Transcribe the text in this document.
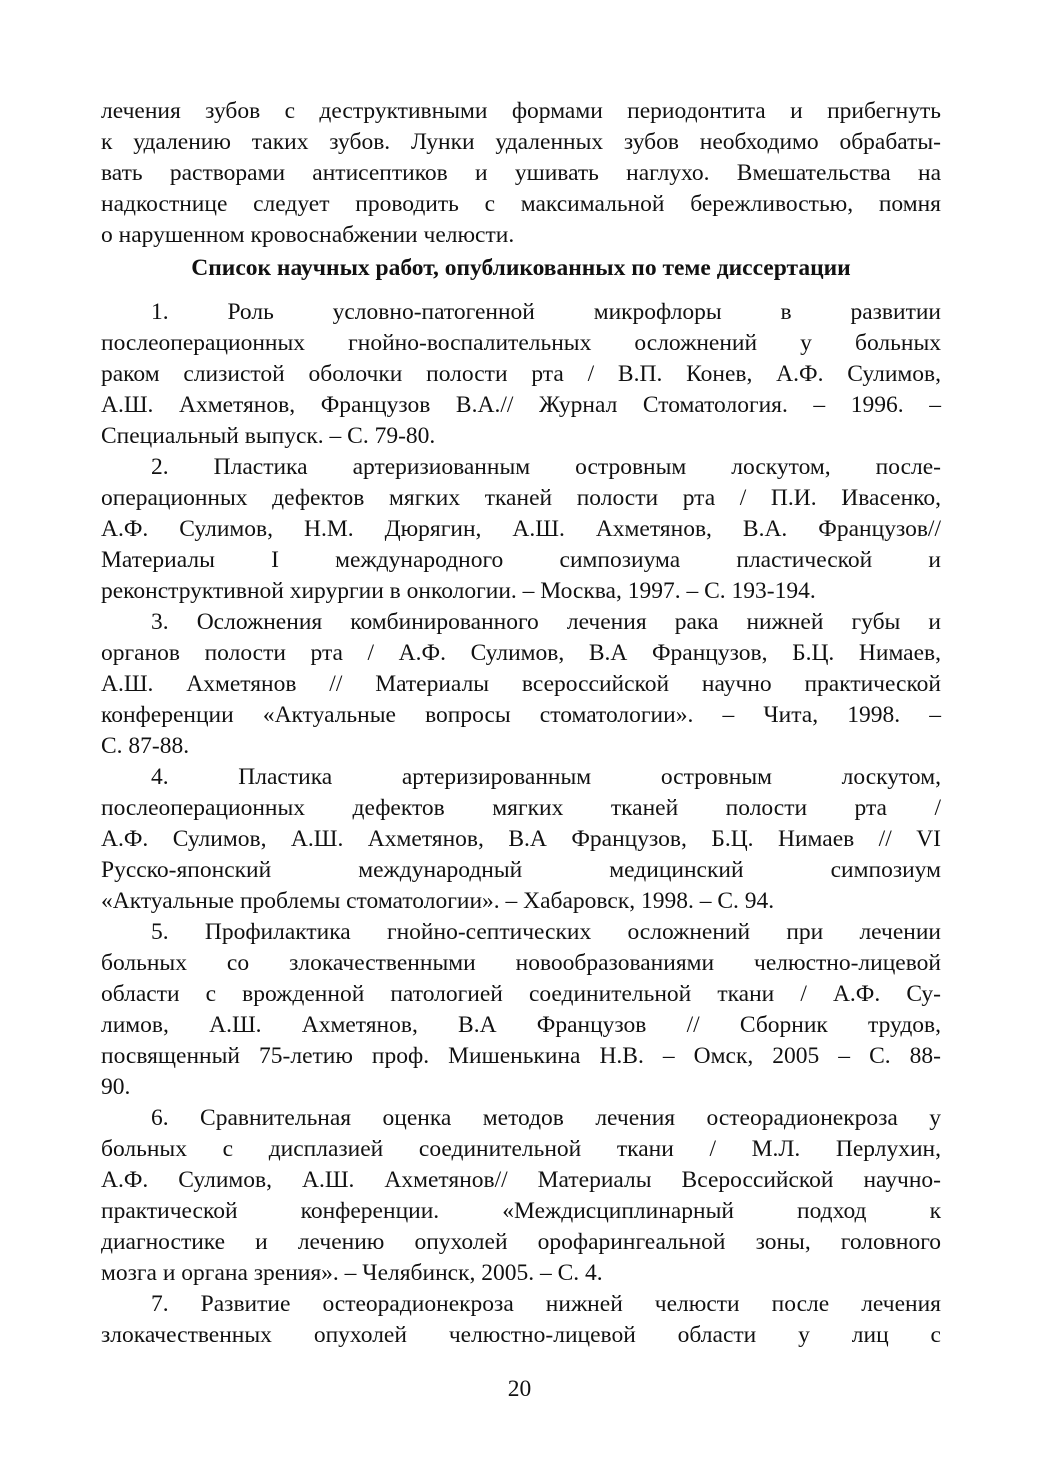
лечения зубов с деструктивными формами периодонтита и прибегнуть
к удалению таких зубов. Лунки удаленных зубов необходимо обрабаты-
вать растворами антисептиков и ушивать наглухо. Вмешательства на
надкостнице следует проводить с максимальной бережливостью, помня
о нарушенном кровоснабжении челюсти.
Список научных работ, опубликованных по теме диссертации
1. Роль условно-патогенной микрофлоры в развитии
послеоперационных гнойно-воспалительных осложнений у больных
раком слизистой оболочки полости рта / В.П. Конев, А.Ф. Сулимов,
А.Ш. Ахметянов, Французов В.А.// Журнал Стоматология. – 1996. –
Специальный выпуск. – С. 79-80.
2. Пластика артеризиованным островным лоскутом, после-
операционных дефектов мягких тканей полости рта / П.И. Ивасенко,
А.Ф. Сулимов, Н.М. Дюрягин, А.Ш. Ахметянов, В.А. Французов//
Материалы I международного симпозиума пластической и
реконструктивной хирургии в онкологии. – Москва, 1997. – С. 193-194.
3. Осложнения комбинированного лечения рака нижней губы и
органов полости рта / А.Ф. Сулимов, В.А Французов, Б.Ц. Нимаев,
А.Ш. Ахметянов // Материалы всероссийской научно практической
конференции «Актуальные вопросы стоматологии». – Чита, 1998. –
С. 87-88.
4. Пластика артеризированным островным лоскутом,
послеоперационных дефектов мягких тканей полости рта /
А.Ф. Сулимов, А.Ш. Ахметянов, В.А Французов, Б.Ц. Нимаев // VI
Русско-японский международный медицинский симпозиум
«Актуальные проблемы стоматологии». – Хабаровск, 1998. – С. 94.
5. Профилактика гнойно-септических осложнений при лечении
больных со злокачественными новообразованиями челюстно-лицевой
области с врожденной патологией соединительной ткани / А.Ф. Су-
лимов, А.Ш. Ахметянов, В.А Французов // Сборник трудов,
посвященный 75-летию проф. Мишенькина Н.В. – Омск, 2005 – С. 88-
90.
6. Сравнительная оценка методов лечения остеорадионекроза у
больных с дисплазией соединительной ткани / М.Л. Перлухин,
А.Ф. Сулимов, А.Ш. Ахметянов// Материалы Всероссийской научно-
практической конференции. «Междисциплинарный подход к
диагностике и лечению опухолей орофарингеальной зоны, головного
мозга и органа зрения». – Челябинск, 2005. – С. 4.
7. Развитие остеорадионекроза нижней челюсти после лечения
злокачественных опухолей челюстно-лицевой области у лиц с
20
